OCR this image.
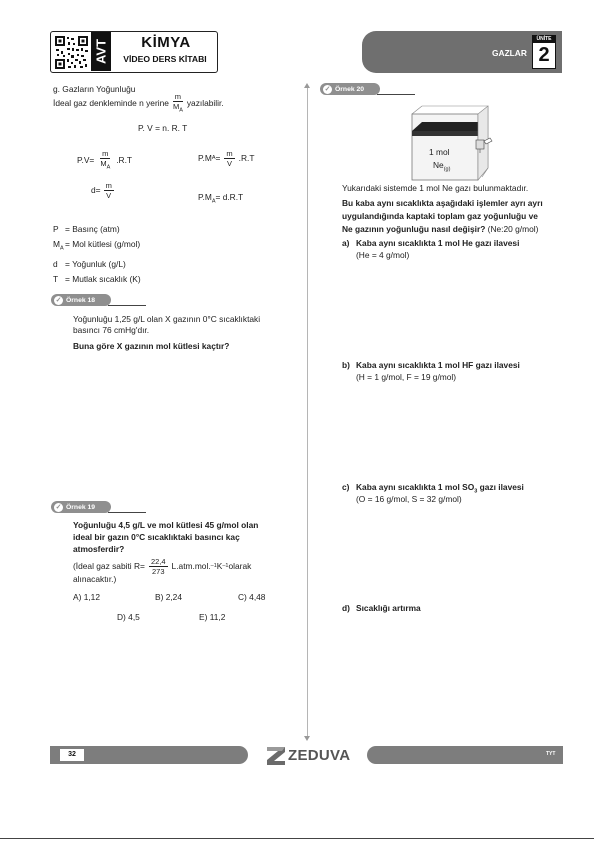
AVT	KİMYA
VİDEO DERS KİTABI
GAZLAR
ÜNİTE
2
g. Gazların Yoğunluğu
İdeal gaz denkleminde n yerine $\frac{m}{M_A}$ yazılabilir.
P. V = n. R. T
$P.V= \frac{m}{M_A} .R.T$	P.M $A = \frac{m}{V} .R.T$
$d= \frac{m}{V}$	$P.M_A= d.R.T$
P = Basınç (atm)
$M_A$ = Mol kütlesi (g/mol)
d = Yoğunluk (g/L)
T = Mutlak sıcaklık (K)
✓ Örnek 18
Yoğunluğu 1,25 g/L olan X gazının 0°C sıcaklıktaki
basıncı 76 cmHg'dır.
Buna göre X gazının mol kütlesi kaçtır?
✓ Örnek 19
Yoğunluğu 4,5 g/L ve mol kütlesi 45 g/mol olan
ideal bir gazın 0°C sıcaklıktaki basıncı kaç
atmosferdir?
(İdeal gaz sabiti $R= \frac{22,4}{273} L.atm.mol$. –1 K –1 olarak
alınacaktır.)
A) 1,12	B) 2,24	C) 4,48
D) 4,5	E) 11,2
✓ Örnek 20
1 mol
$Ne_{(g)}$
Yukarıdaki sistemde 1 mol Ne gazı bulunmaktadır.
Bu kaba aynı sıcaklıkta aşağıdaki işlemler ayrı ayrı
uygulandığında kaptaki toplam gaz yoğunluğu ve
Ne gazının yoğunluğu nasıl değişir? (Ne:20 g/mol)
a) Kaba aynı sıcaklıkta 1 mol He gazı ilavesi
(He = 4 g/mol)
b) Kaba aynı sıcaklıkta 1 mol HF gazı ilavesi
(H = 1 g/mol, F = 19 g/mol)
c) Kaba aynı sıcaklıkta 1 mol $SO_3$ gazı ilavesi
(O = 16 g/mol, S = 32 g/mol)
d) Sıcaklığı artırma
32	ZEDUVA	TYT
